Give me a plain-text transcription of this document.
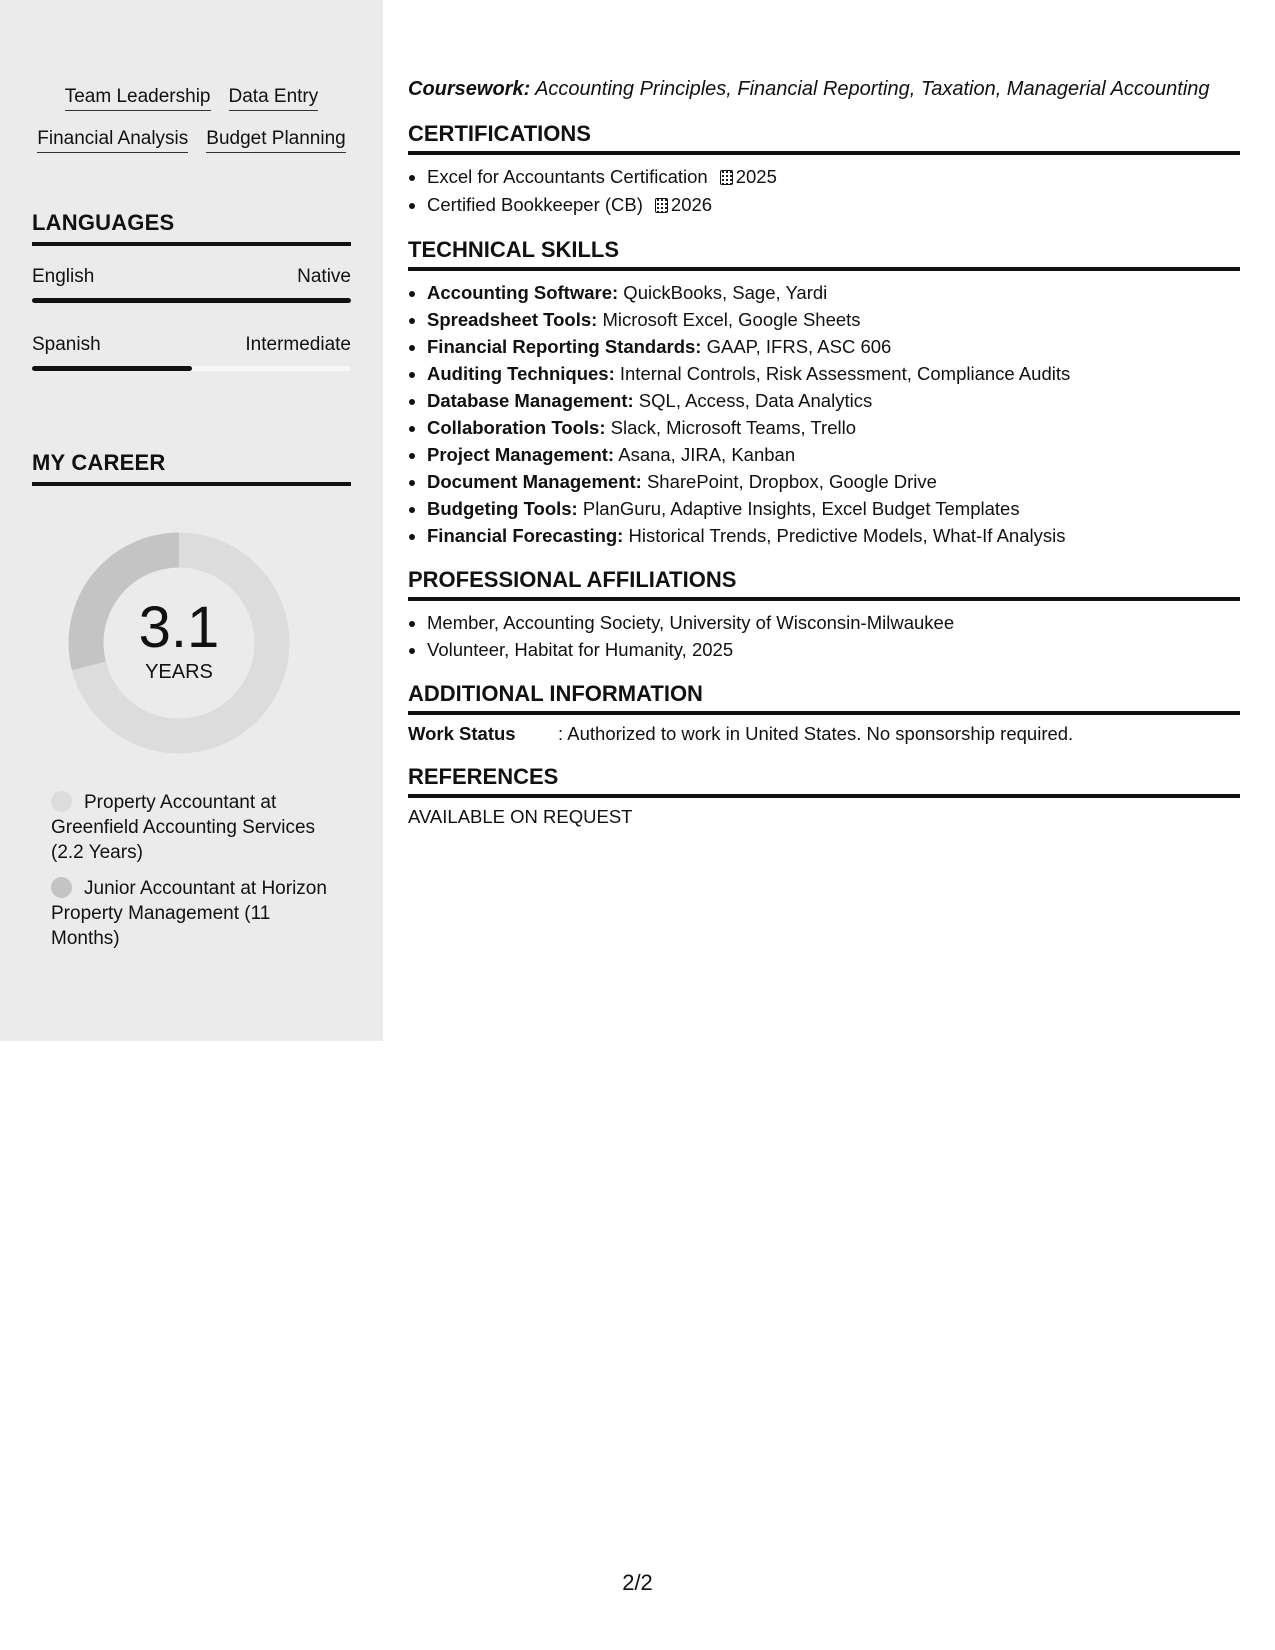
Team Leadership Data Entry
Financial Analysis Budget Planning
LANGUAGES
English	Native
Spanish	Intermediate
MY CAREER
3.1
YEARS
Property Accountant at Greenfield Accounting Services (2.2 Years)
Junior Accountant at Horizon Property Management (11 Months)

Coursework: Accounting Principles, Financial Reporting, Taxation, Managerial Accounting

CERTIFICATIONS
• Excel for Accountants Certification 2025
• Certified Bookkeeper (CB) 2026
TECHNICAL SKILLS
• Accounting Software: QuickBooks, Sage, Yardi
• Spreadsheet Tools: Microsoft Excel, Google Sheets
• Financial Reporting Standards: GAAP, IFRS, ASC 606
• Auditing Techniques: Internal Controls, Risk Assessment, Compliance Audits
• Database Management: SQL, Access, Data Analytics
• Collaboration Tools: Slack, Microsoft Teams, Trello
• Project Management: Asana, JIRA, Kanban
• Document Management: SharePoint, Dropbox, Google Drive
• Budgeting Tools: PlanGuru, Adaptive Insights, Excel Budget Templates
• Financial Forecasting: Historical Trends, Predictive Models, What-If Analysis
PROFESSIONAL AFFILIATIONS
• Member, Accounting Society, University of Wisconsin-Milwaukee
• Volunteer, Habitat for Humanity, 2025
ADDITIONAL INFORMATION
Work Status	: Authorized to work in United States. No sponsorship required.
REFERENCES
AVAILABLE ON REQUEST
2/2
